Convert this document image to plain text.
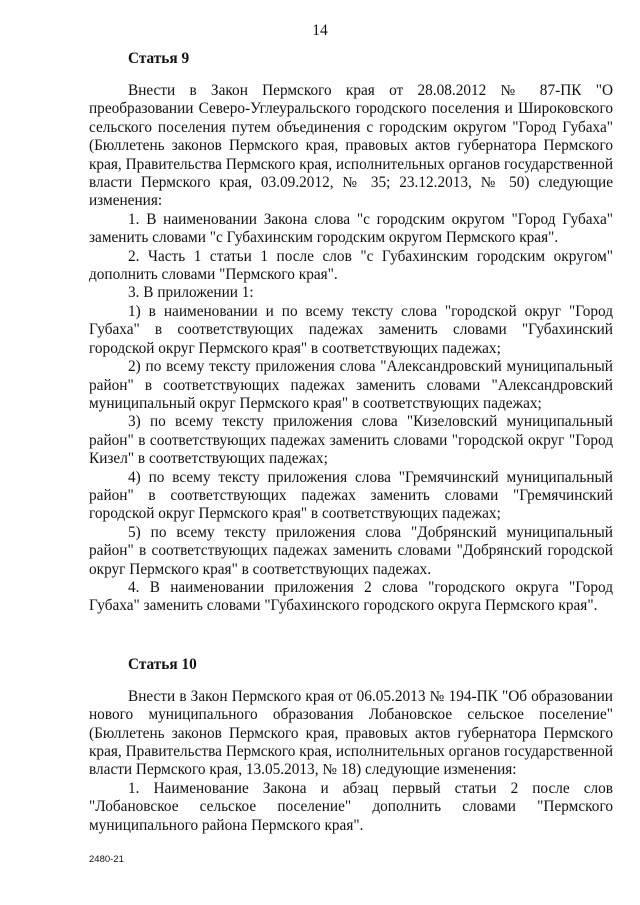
14
Статья 9

Внести в Закон Пермского края от 28.08.2012 № 87-ПК "О преобразовании Северо-Углеуральского городского поселения и Широковского сельского поселения путем объединения с городским округом "Город Губаха" (Бюллетень законов Пермского края, правовых актов губернатора Пермского края, Правительства Пермского края, исполнительных органов государственной власти Пермского края, 03.09.2012, № 35; 23.12.2013, № 50) следующие изменения:

1. В наименовании Закона слова "с городским округом "Город Губаха" заменить словами "с Губахинским городским округом Пермского края".

2. Часть 1 статьи 1 после слов "с Губахинским городским округом" дополнить словами "Пермского края".

3. В приложении 1:

1) в наименовании и по всему тексту слова "городской округ "Город Губаха" в соответствующих падежах заменить словами "Губахинский городской округ Пермского края" в соответствующих падежах;

2) по всему тексту приложения слова "Александровский муниципальный район" в соответствующих падежах заменить словами "Александровский муниципальный округ Пермского края" в соответствующих падежах;

3) по всему тексту приложения слова "Кизеловский муниципальный район" в соответствующих падежах заменить словами "городской округ "Город Кизел" в соответствующих падежах;

4) по всему тексту приложения слова "Гремячинский муниципальный район" в соответствующих падежах заменить словами "Гремячинский городской округ Пермского края" в соответствующих падежах;

5) по всему тексту приложения слова "Добрянский муниципальный район" в соответствующих падежах заменить словами "Добрянский городской округ Пермского края" в соответствующих падежах.

4. В наименовании приложения 2 слова "городского округа "Город Губаха" заменить словами "Губахинского городского округа Пермского края".

Статья 10

Внести в Закон Пермского края от 06.05.2013 № 194-ПК "Об образовании нового муниципального образования Лобановское сельское поселение" (Бюллетень законов Пермского края, правовых актов губернатора Пермского края, Правительства Пермского края, исполнительных органов государственной власти Пермского края, 13.05.2013, № 18) следующие изменения:

1. Наименование Закона и абзац первый статьи 2 после слов "Лобановское сельское поселение" дополнить словами "Пермского муниципального района Пермского края".

2480-21
